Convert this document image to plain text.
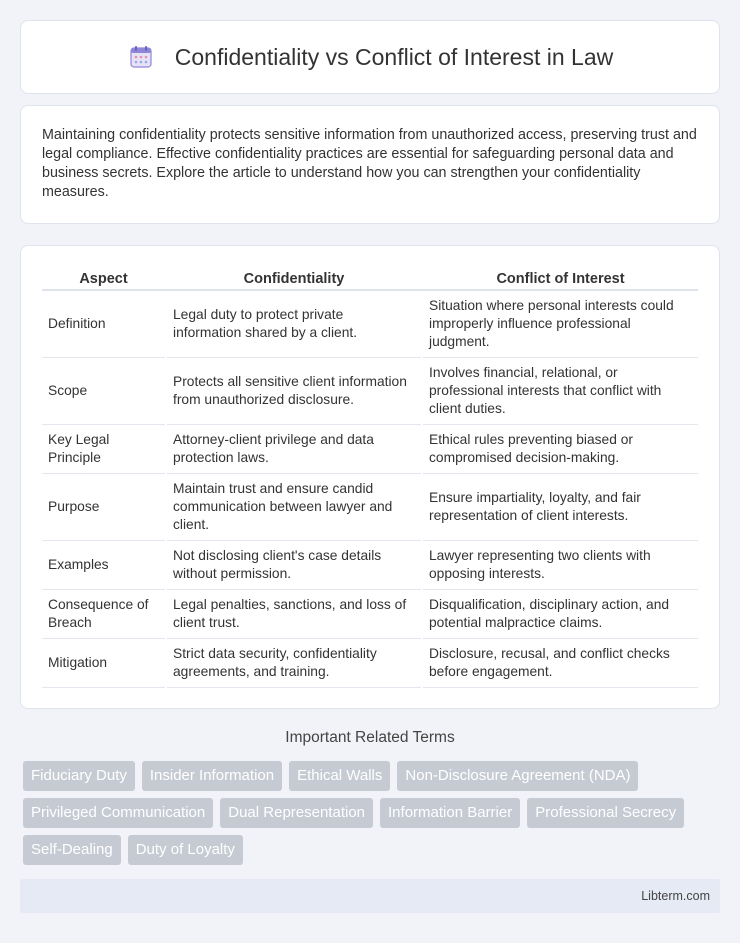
Confidentiality vs Conflict of Interest in Law

Maintaining confidentiality protects sensitive information from unauthorized access, preserving trust and legal compliance. Effective confidentiality practices are essential for safeguarding personal data and business secrets. Explore the article to understand how you can strengthen your confidentiality measures.

Aspect	Confidentiality	Conflict of Interest
Definition	Legal duty to protect private information shared by a client.	Situation where personal interests could improperly influence professional judgment.
Scope	Protects all sensitive client information from unauthorized disclosure.	Involves financial, relational, or professional interests that conflict with client duties.
Key Legal Principle	Attorney-client privilege and data protection laws.	Ethical rules preventing biased or compromised decision-making.
Purpose	Maintain trust and ensure candid communication between lawyer and client.	Ensure impartiality, loyalty, and fair representation of client interests.
Examples	Not disclosing client's case details without permission.	Lawyer representing two clients with opposing interests.
Consequence of Breach	Legal penalties, sanctions, and loss of client trust.	Disqualification, disciplinary action, and potential malpractice claims.
Mitigation	Strict data security, confidentiality agreements, and training.	Disclosure, recusal, and conflict checks before engagement.
Important Related Terms
Fiduciary Duty	Insider Information	Ethical Walls	Non-Disclosure Agreement (NDA)
Privileged Communication	Dual Representation	Information Barrier	Professional Secrecy
Self-Dealing	Duty of Loyalty
Libterm.com
